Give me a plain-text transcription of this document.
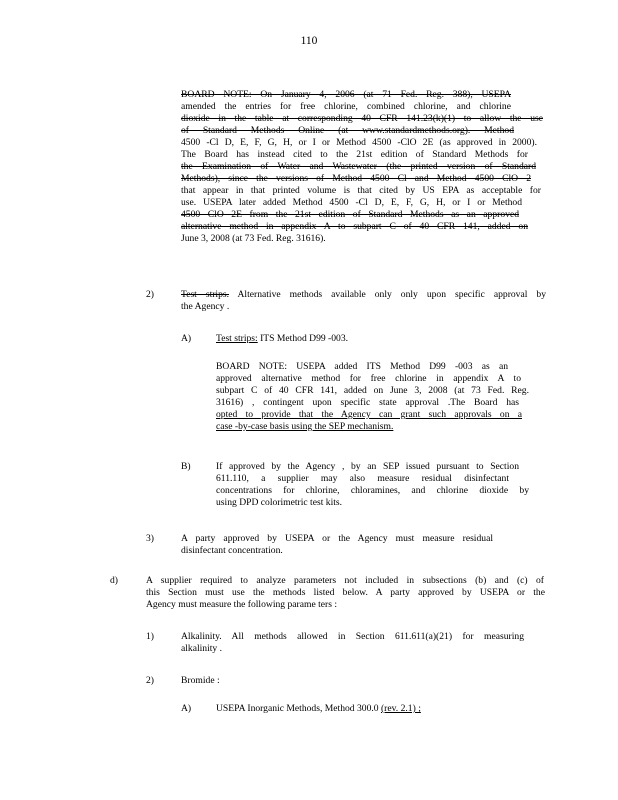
110
BOARD NOTE: On January 4, 2006 (at 71 Fed. Reg. 388), USEPA
amended the entries for free chlorine, combined chlorine, and chlorine
dioxide in the table at corresponding 40 CFR 141.23(k)(1) to allow the use
of Standard Methods Online (at www.standardmethods.org). Method
4500 -Cl D, E, F, G, H, or I or Method 4500 -ClO 2E (as approved in 2000).
The Board has instead cited to the 21st edition of Standard Methods for
the Examination of Water and Wastewater (the printed version of Standard
Methods), since the versions of Method 4500 Cl and Method 4500 ClO 2
that appear in that printed volume is that cited by US EPA as acceptable for
use. USEPA later added Method 4500 -Cl D, E, F, G, H, or I or Method
4500 ClO 2E from the 21st edition of Standard Methods as an approved
alternative method in appendix A to subpart C of 40 CFR 141, added on
June 3, 2008 (at 73 Fed. Reg. 31616).
2)	Test strips. Alternative methods available only only upon specific approval by
the Agency .
A)	Test strips: ITS Method D99 -003.
BOARD NOTE: USEPA added ITS Method D99 -003 as an
approved alternative method for free chlorine in appendix A to
subpart C of 40 CFR 141, added on June 3, 2008 (at 73 Fed. Reg.
31616) , contingent upon specific state approval .The Board has
opted to provide that the Agency can grant such approvals on a
case -by-case basis using the SEP mechanism.
B)	If approved by the Agency , by an SEP issued pursuant to Section
611.110, a supplier may also measure residual disinfectant
concentrations for chlorine, chloramines, and chlorine dioxide by
using DPD colorimetric test kits.
3)	A party approved by USEPA or the Agency must measure residual
disinfectant concentration.
d)	A supplier required to analyze parameters not included in subsections (b) and (c) of
this Section must use the methods listed below. A party approved by USEPA or the
Agency must measure the following parame ters :
1)	Alkalinity. All methods allowed in Section 611.611(a)(21) for measuring
alkalinity .
2)	Bromide :
A)	USEPA Inorganic Methods, Method 300.0 (rev. 2.1) ;
